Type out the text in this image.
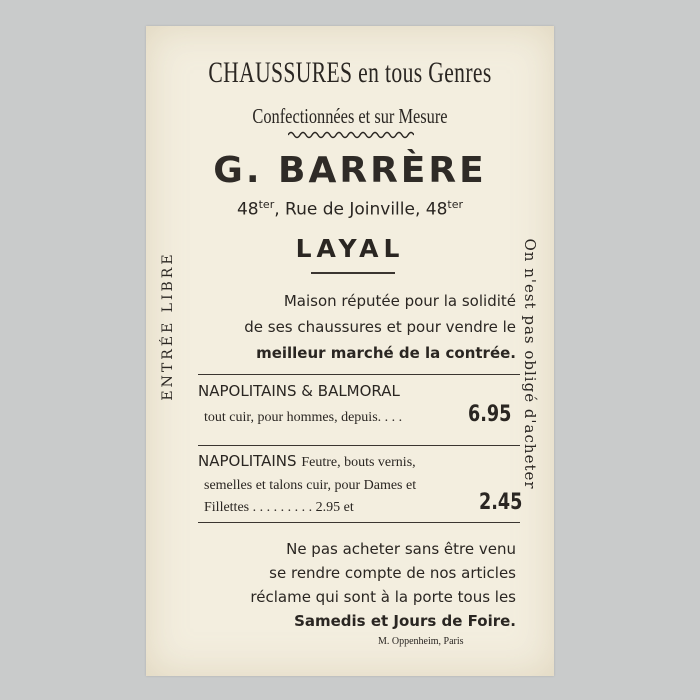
CHAUSSURES en tous Genres
Confectionnées et sur Mesure
G. BARRÈRE
$48^{ter}$, Rue de Joinville, $48^{ter}$
LAYAL
Maison réputée pour la solidité
de ses chaussures et pour vendre le
meilleur marché de la contrée.
NAPOLITAINS & BALMORAL
tout cuir, pour hommes, depuis. . . .	6.95
NAPOLITAINS Feutre, bouts vernis,
semelles et talons cuir, pour Dames et
Fillettes . . . . . . . . . 2.95 et	2.45
Ne pas acheter sans être venu
se rendre compte de nos articles
réclame qui sont à la porte tous les
Samedis et Jours de Foire.
M. Oppenheim, Paris
ENTRÉE LIBRE	On n'est pas obligé d'acheter
